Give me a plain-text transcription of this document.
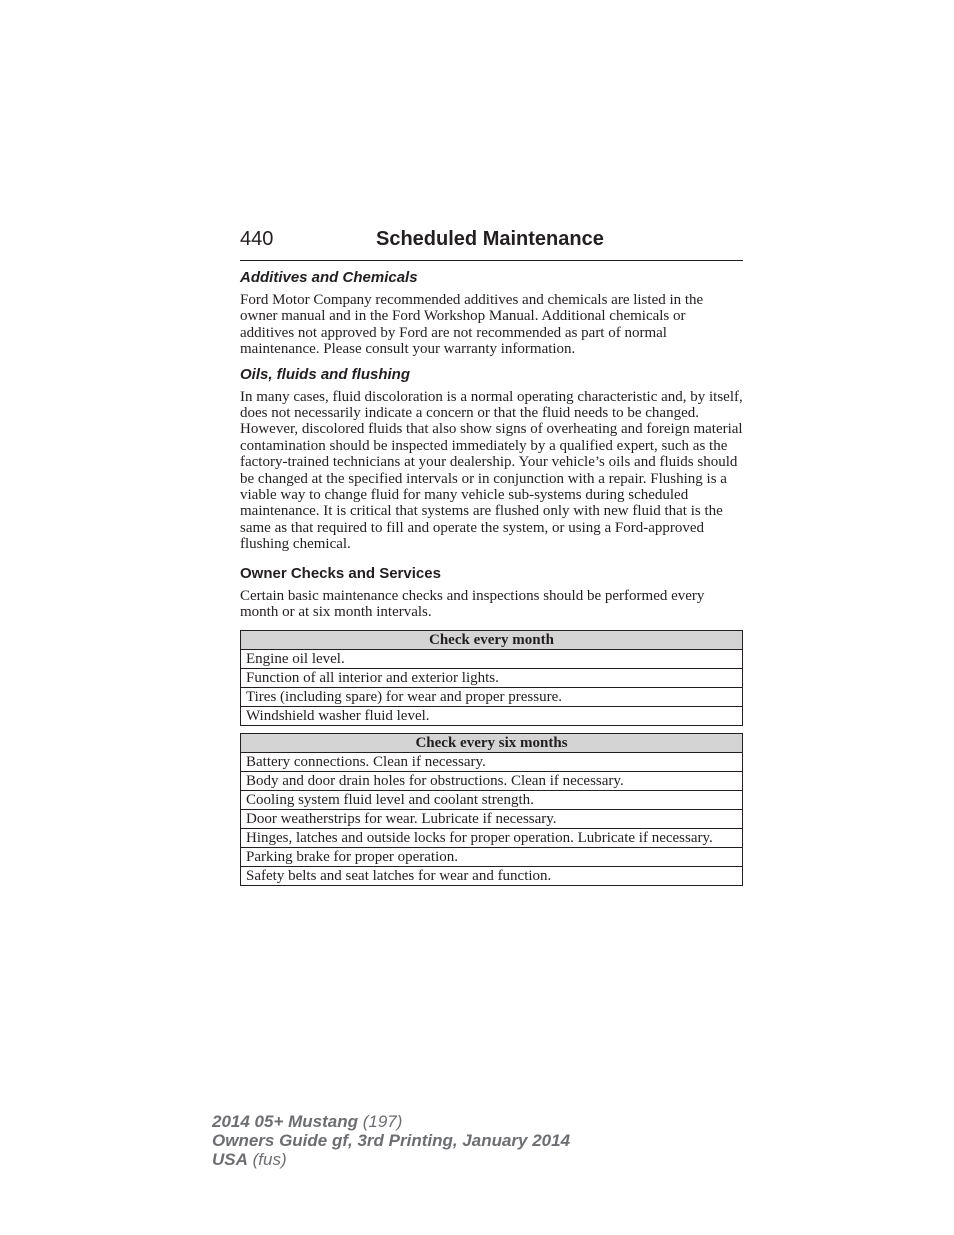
440	Scheduled Maintenance
Additives and Chemicals

Ford Motor Company recommended additives and chemicals are listed in the owner manual and in the Ford Workshop Manual. Additional chemicals or additives not approved by Ford are not recommended as part of normal maintenance. Please consult your warranty information.

Oils, fluids and flushing

In many cases, fluid discoloration is a normal operating characteristic and, by itself, does not necessarily indicate a concern or that the fluid needs to be changed. However, discolored fluids that also show signs of overheating and foreign material contamination should be inspected immediately by a qualified expert, such as the factory-trained technicians at your dealership. Your vehicle’s oils and fluids should be changed at the specified intervals or in conjunction with a repair. Flushing is a viable way to change fluid for many vehicle sub-systems during scheduled maintenance. It is critical that systems are flushed only with new fluid that is the same as that required to fill and operate the system, or using a Ford-approved flushing chemical.

Owner Checks and Services

Certain basic maintenance checks and inspections should be performed every month or at six month intervals.

Check every month
Engine oil level.
Function of all interior and exterior lights.
Tires (including spare) for wear and proper pressure.
Windshield washer fluid level.
Check every six months
Battery connections. Clean if necessary.
Body and door drain holes for obstructions. Clean if necessary.
Cooling system fluid level and coolant strength.
Door weatherstrips for wear. Lubricate if necessary.
Hinges, latches and outside locks for proper operation. Lubricate if necessary.
Parking brake for proper operation.
Safety belts and seat latches for wear and function.
2014 05+ Mustang (197)
Owners Guide gf, 3rd Printing, January 2014
USA (fus)
